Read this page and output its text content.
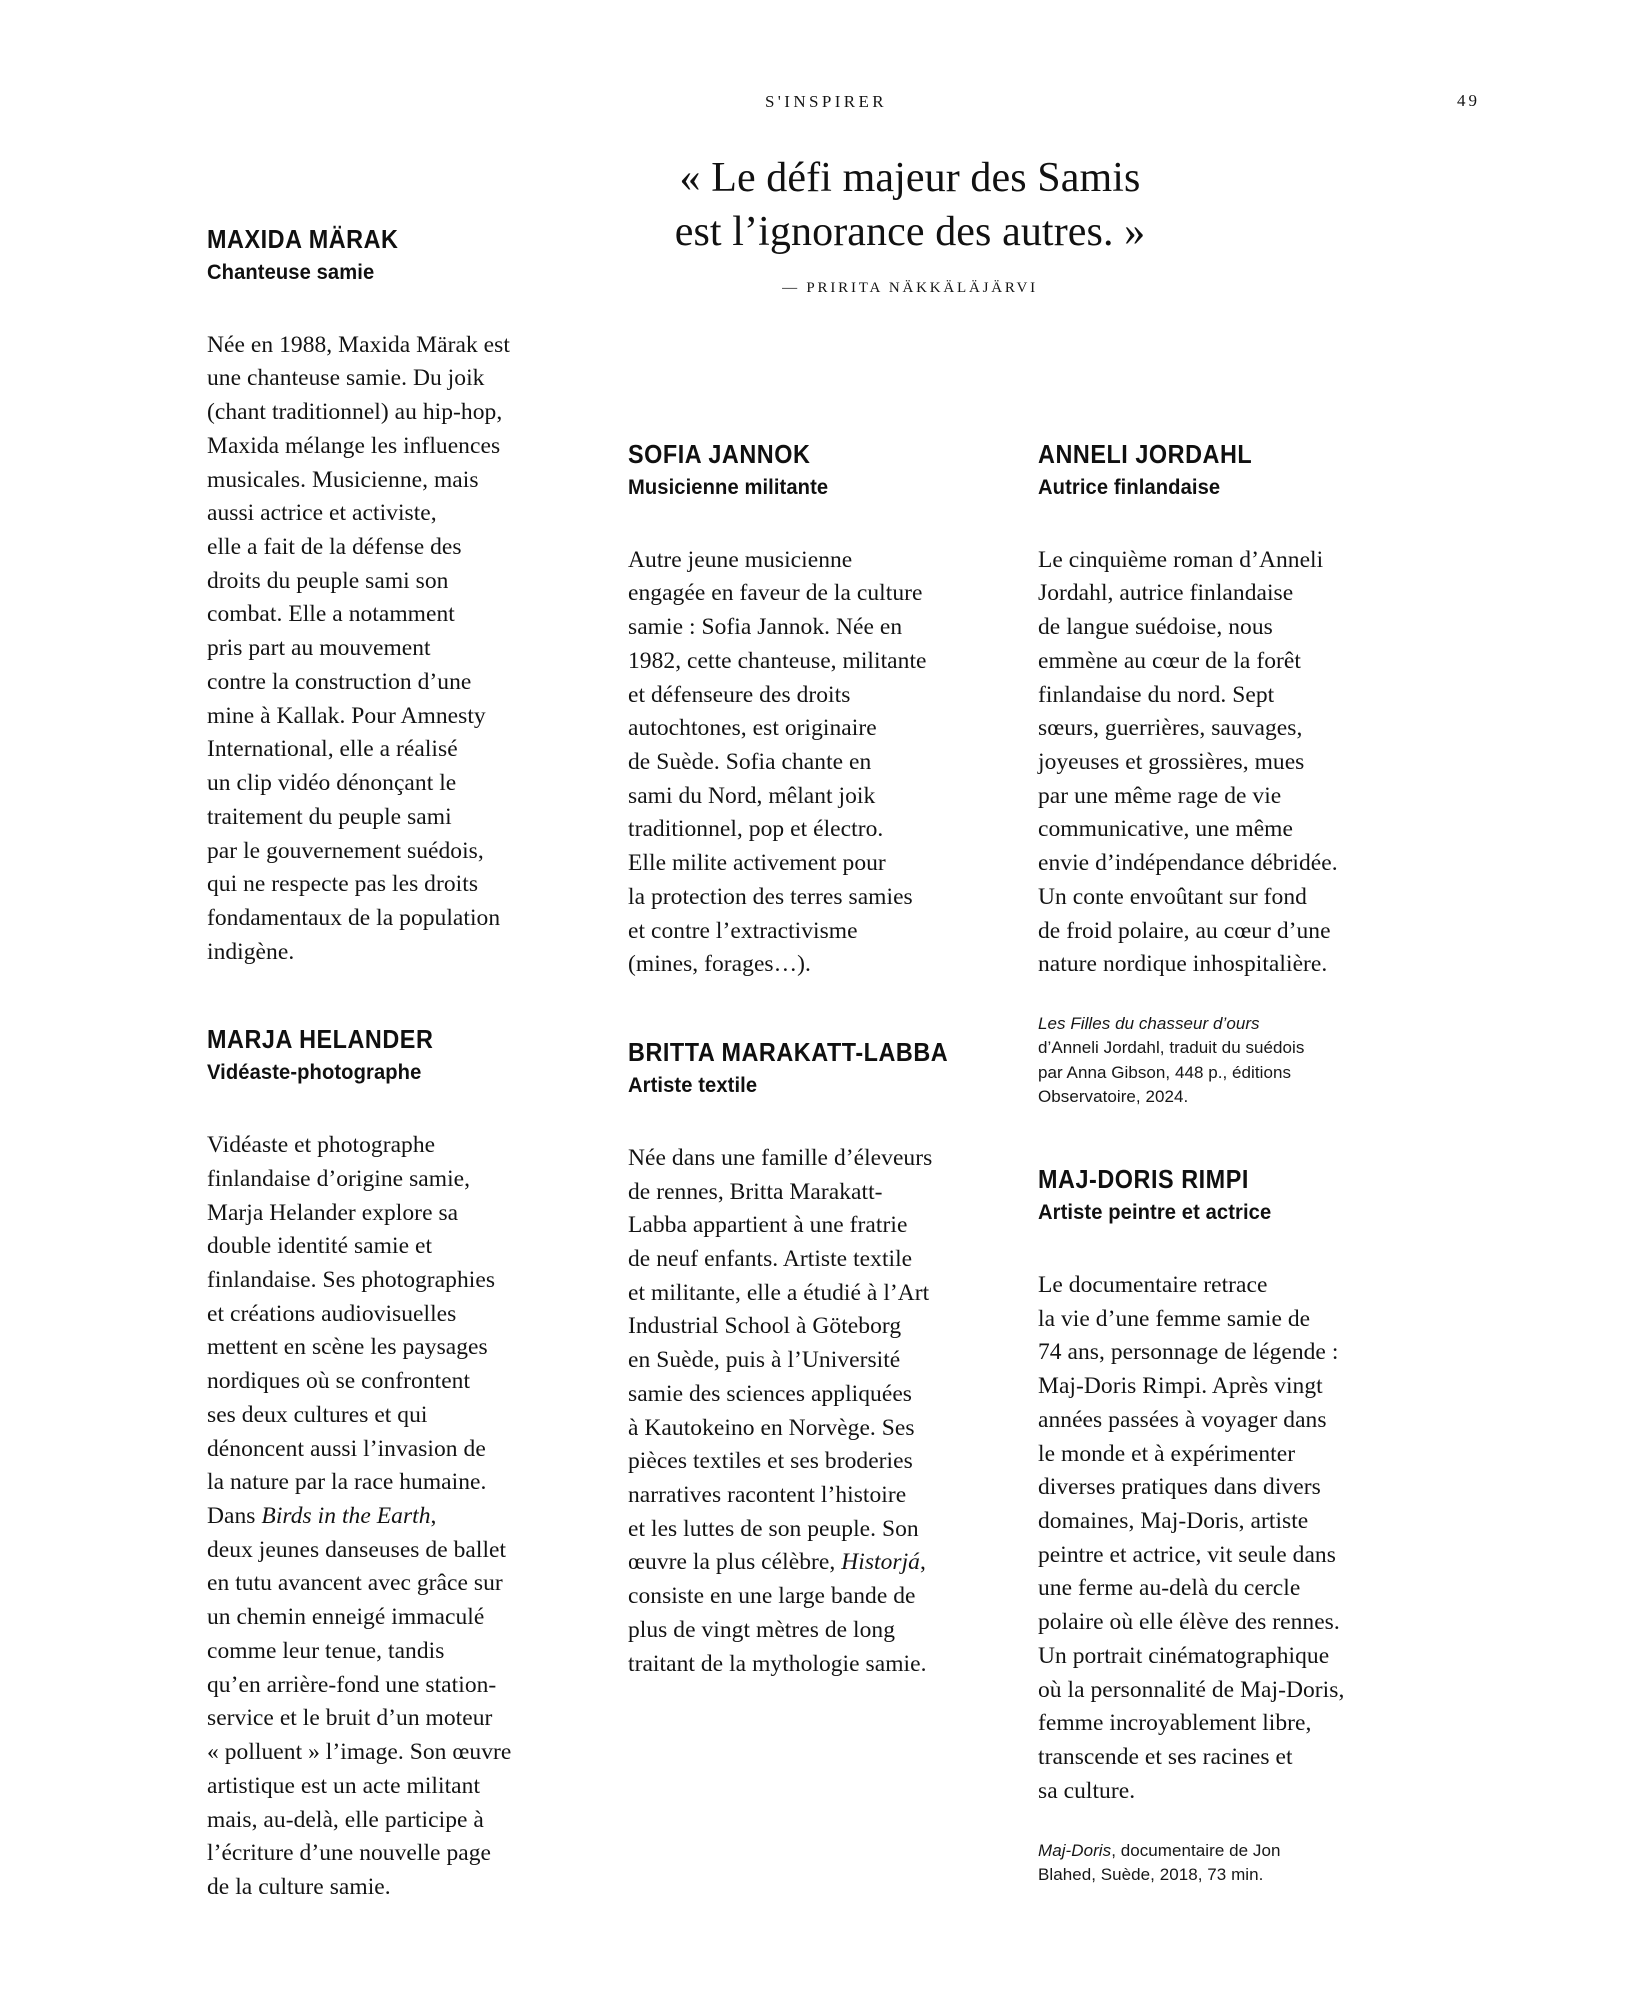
S'INSPIRER	49
« Le défi majeur des Samis
est l’ignorance des autres. »
— PRIRITA NÄKKÄLÄJÄRVI
MAXIDA MÄRAK
Chanteuse samie

Née en 1988, Maxida Märak est
une chanteuse samie. Du joik
(chant traditionnel) au hip-hop,
Maxida mélange les influences
musicales. Musicienne, mais
aussi actrice et activiste,
elle a fait de la défense des
droits du peuple sami son
combat. Elle a notamment
pris part au mouvement
contre la construction d’une
mine à Kallak. Pour Amnesty
International, elle a réalisé
un clip vidéo dénonçant le
traitement du peuple sami
par le gouvernement suédois,
qui ne respecte pas les droits
fondamentaux de la population
indigène.

MARJA HELANDER
Vidéaste-photographe

Vidéaste et photographe
finlandaise d’origine samie,
Marja Helander explore sa
double identité samie et
finlandaise. Ses photographies
et créations audiovisuelles
mettent en scène les paysages
nordiques où se confrontent
ses deux cultures et qui
dénoncent aussi l’invasion de
la nature par la race humaine.
Dans Birds in the Earth,
deux jeunes danseuses de ballet
en tutu avancent avec grâce sur
un chemin enneigé immaculé
comme leur tenue, tandis
qu’en arrière-fond une station-
service et le bruit d’un moteur
« polluent » l’image. Son œuvre
artistique est un acte militant
mais, au-delà, elle participe à
l’écriture d’une nouvelle page
de la culture samie.

SOFIA JANNOK
Musicienne militante

Autre jeune musicienne
engagée en faveur de la culture
samie : Sofia Jannok. Née en
1982, cette chanteuse, militante
et défenseure des droits
autochtones, est originaire
de Suède. Sofia chante en
sami du Nord, mêlant joik
traditionnel, pop et électro.
Elle milite activement pour
la protection des terres samies
et contre l’extractivisme
(mines, forages…).

BRITTA MARAKATT-LABBA
Artiste textile

Née dans une famille d’éleveurs
de rennes, Britta Marakatt-
Labba appartient à une fratrie
de neuf enfants. Artiste textile
et militante, elle a étudié à l’Art
Industrial School à Göteborg
en Suède, puis à l’Université
samie des sciences appliquées
à Kautokeino en Norvège. Ses
pièces textiles et ses broderies
narratives racontent l’histoire
et les luttes de son peuple. Son
œuvre la plus célèbre, Historjá,
consiste en une large bande de
plus de vingt mètres de long
traitant de la mythologie samie.

ANNELI JORDAHL
Autrice finlandaise

Le cinquième roman d’Anneli
Jordahl, autrice finlandaise
de langue suédoise, nous
emmène au cœur de la forêt
finlandaise du nord. Sept
sœurs, guerrières, sauvages,
joyeuses et grossières, mues
par une même rage de vie
communicative, une même
envie d’indépendance débridée.
Un conte envoûtant sur fond
de froid polaire, au cœur d’une
nature nordique inhospitalière.

Les Filles du chasseur d’ours
d’Anneli Jordahl, traduit du suédois
par Anna Gibson, 448 p., éditions
Observatoire, 2024.

MAJ-DORIS RIMPI
Artiste peintre et actrice

Le documentaire retrace
la vie d’une femme samie de
74 ans, personnage de légende :
Maj-Doris Rimpi. Après vingt
années passées à voyager dans
le monde et à expérimenter
diverses pratiques dans divers
domaines, Maj-Doris, artiste
peintre et actrice, vit seule dans
une ferme au-delà du cercle
polaire où elle élève des rennes.
Un portrait cinématographique
où la personnalité de Maj-Doris,
femme incroyablement libre,
transcende et ses racines et
sa culture.

Maj-Doris, documentaire de Jon
Blahed, Suède, 2018, 73 min.
